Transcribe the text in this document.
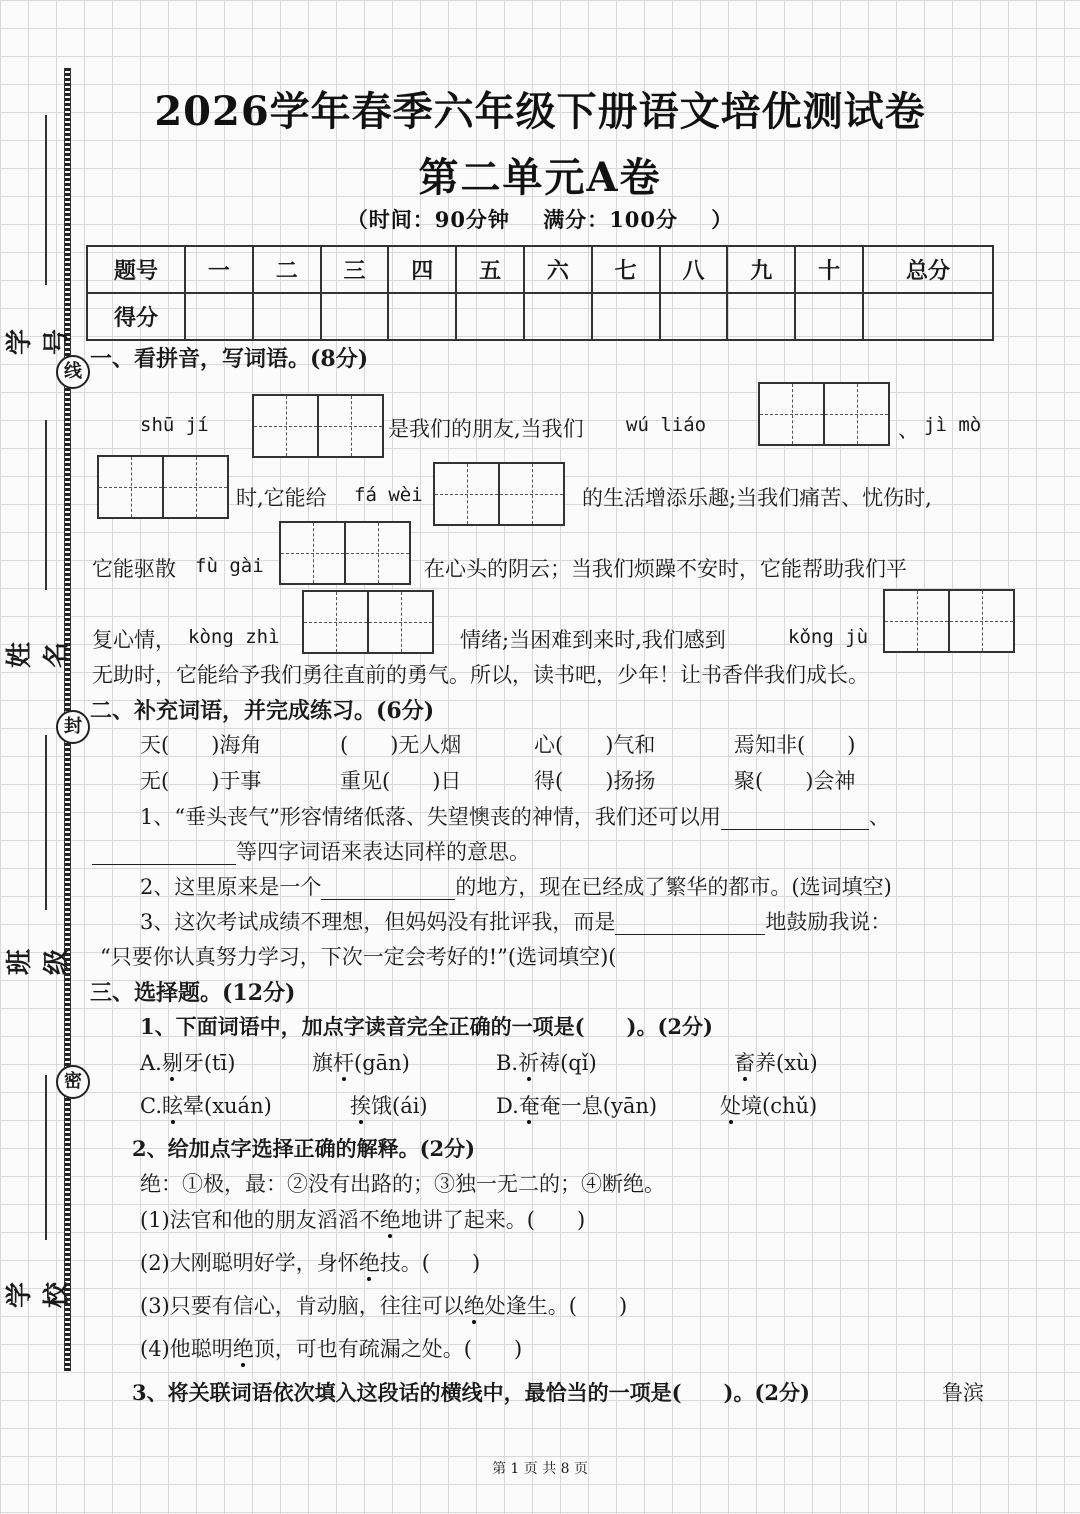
线
封
密
学号
姓名
班级
学校
2026学年春季六年级下册语文培优测试卷
第二单元A卷
（时间：90分钟 满分：100分 ）
题号	一	二	三	四	五	六	七	八	九	十	总分
得分											
一、看拼音，写词语。(8分)
shū jí	是我们的朋友,当我们 wú liáo	、 jì mò
时,它能给 fá wèi	的生活增添乐趣;当我们痛苦、忧伤时,
它能驱散 fù gài	在心头的阴云；当我们烦躁不安时，它能帮助我们平
复心情， kòng zhì	情绪;当困难到来时,我们感到	kǒng jù
无助时，它能给予我们勇往直前的勇气。所以，读书吧，少年！让书香伴我们成长。
二、补充词语，并完成练习。(6分)
天(　　)海角	(　　)无人烟	心(　　)气和	焉知非(　　)
无(　　)于事	重见(　　)日	得(　　)扬扬	聚(　　)会神
1、“垂头丧气”形容情绪低落、失望懊丧的神情，我们还可以用	、
等四字词语来表达同样的意思。
2、这里原来是一个	的地方，现在已经成了繁华的都市。(选词填空)
3、这次考试成绩不理想，但妈妈没有批评我，而是	地鼓励我说：
“只要你认真努力学习，下次一定会考好的!”(选词填空)(
三、选择题。(12分)
1、下面词语中，加点字读音完全正确的一项是(　　)。(2分)
A.剔牙(tī)	旗杆(gān)	B.祈祷(qǐ)	畜养(xù)
C.眩晕(xuán)	挨饿(ái)	D.奄奄一息(yān)	处境(chǔ)
2、给加点字选择正确的解释。(2分)
绝：①极，最：②没有出路的；③独一无二的；④断绝。
(1)法官和他的朋友滔滔不绝地讲了起来。(　　)
(2)大刚聪明好学，身怀绝技。(　　)
(3)只要有信心，肯动脑，往往可以绝处逢生。(　　)
(4)他聪明绝顶，可也有疏漏之处。(　　)
3、将关联词语依次填入这段话的横线中，最恰当的一项是(　　)。(2分)	鲁滨
第 1 页 共 8 页
